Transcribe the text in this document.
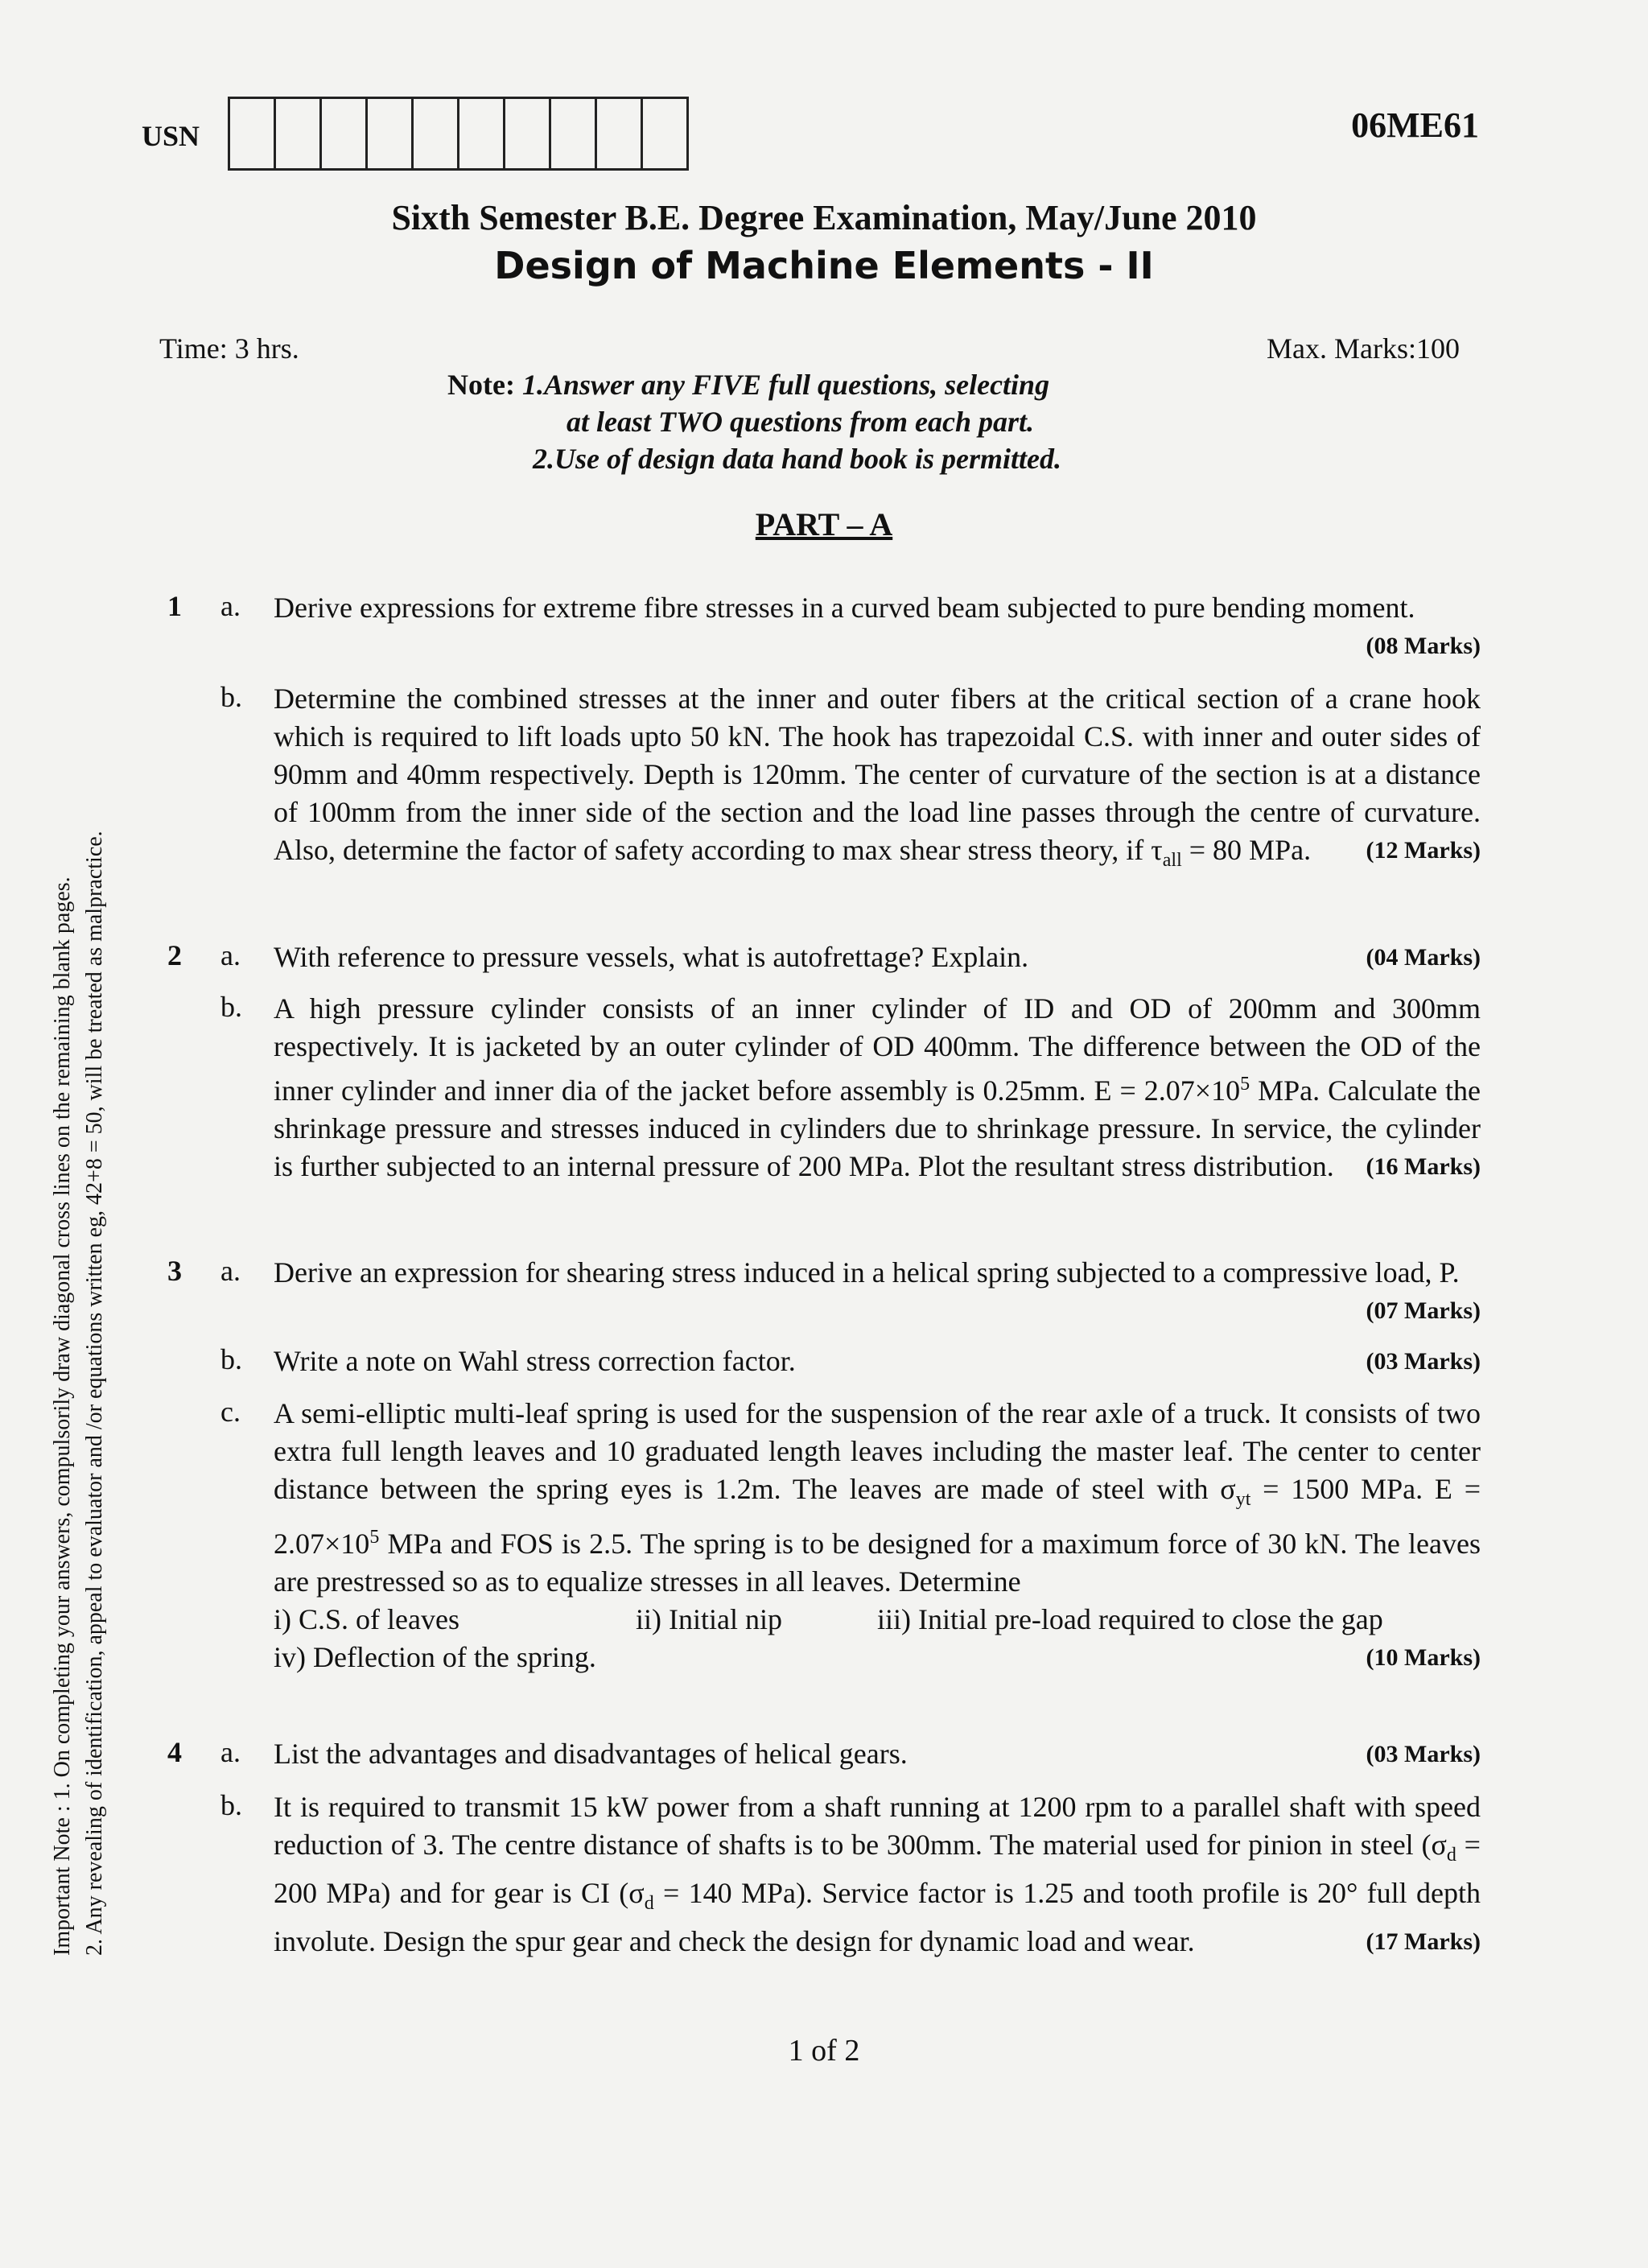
USN	06ME61
Sixth Semester B.E. Degree Examination, May/June 2010
Design of Machine Elements - II
Time: 3 hrs.	Max. Marks:100
Note: 1.Answer any FIVE full questions, selecting
at least TWO questions from each part.
2.Use of design data hand book is permitted.
PART – A
Important Note : 1. On completing your answers, compulsorily draw diagonal cross lines on the remaining blank pages. 2. Any revealing of identification, appeal to evaluator and /or equations written eg, 42+8 = 50, will be treated as malpractice.
1 a. Derive expressions for extreme fibre stresses in a curved beam subjected to pure bending moment.
(08 Marks)
b. Determine the combined stresses at the inner and outer fibers at the critical section of a crane hook which is required to lift loads upto 50 kN. The hook has trapezoidal C.S. with inner and outer sides of 90mm and 40mm respectively. Depth is 120mm. The center of curvature of the section is at a distance of 100mm from the inner side of the section and the load line passes through the centre of curvature. Also, determine the factor of safety according to max shear stress theory, if $\tau_{all} = 80$ MPa. (12 Marks)
2 a. With reference to pressure vessels, what is autofrettage? Explain.	(04 Marks)
b. A high pressure cylinder consists of an inner cylinder of ID and OD of 200mm and 300mm respectively. It is jacketed by an outer cylinder of OD 400mm. The difference between the OD of the inner cylinder and inner dia of the jacket before assembly is 0.25mm. $E = 2.07\times 10^5$ MPa. Calculate the shrinkage pressure and stresses induced in cylinders due to shrinkage pressure. In service, the cylinder is further subjected to an internal pressure of 200 MPa. Plot the resultant stress distribution. (16 Marks)
3 a. Derive an expression for shearing stress induced in a helical spring subjected to a compressive load, P.
(07 Marks)
b. Write a note on Wahl stress correction factor.	(03 Marks)
c. A semi-elliptic multi-leaf spring is used for the suspension of the rear axle of a truck. It consists of two extra full length leaves and 10 graduated length leaves including the master leaf. The center to center distance between the spring eyes is 1.2m. The leaves are made of steel with $\sigma_{yt} = 1500$ MPa. $E = 2.07\times 10^5$ MPa and FOS is 2.5. The spring is to be designed for a maximum force of 30 kN. The leaves are prestressed so as to equalize stresses in all leaves. Determine
i) C.S. of leaves	ii) Initial nip	iii) Initial pre-load required to close the gap
iv) Deflection of the spring.	(10 Marks)
4 a. List the advantages and disadvantages of helical gears.	(03 Marks)
b. It is required to transmit 15 kW power from a shaft running at 1200 rpm to a parallel shaft with speed reduction of 3. The centre distance of shafts is to be 300mm. The material used for pinion in steel ($\sigma_d = 200$ MPa) and for gear is CI ($\sigma_d = 140$ MPa). Service factor is 1.25 and tooth profile is 20° full depth involute. Design the spur gear and check the design for dynamic load and wear.	(17 Marks)
1 of 2
